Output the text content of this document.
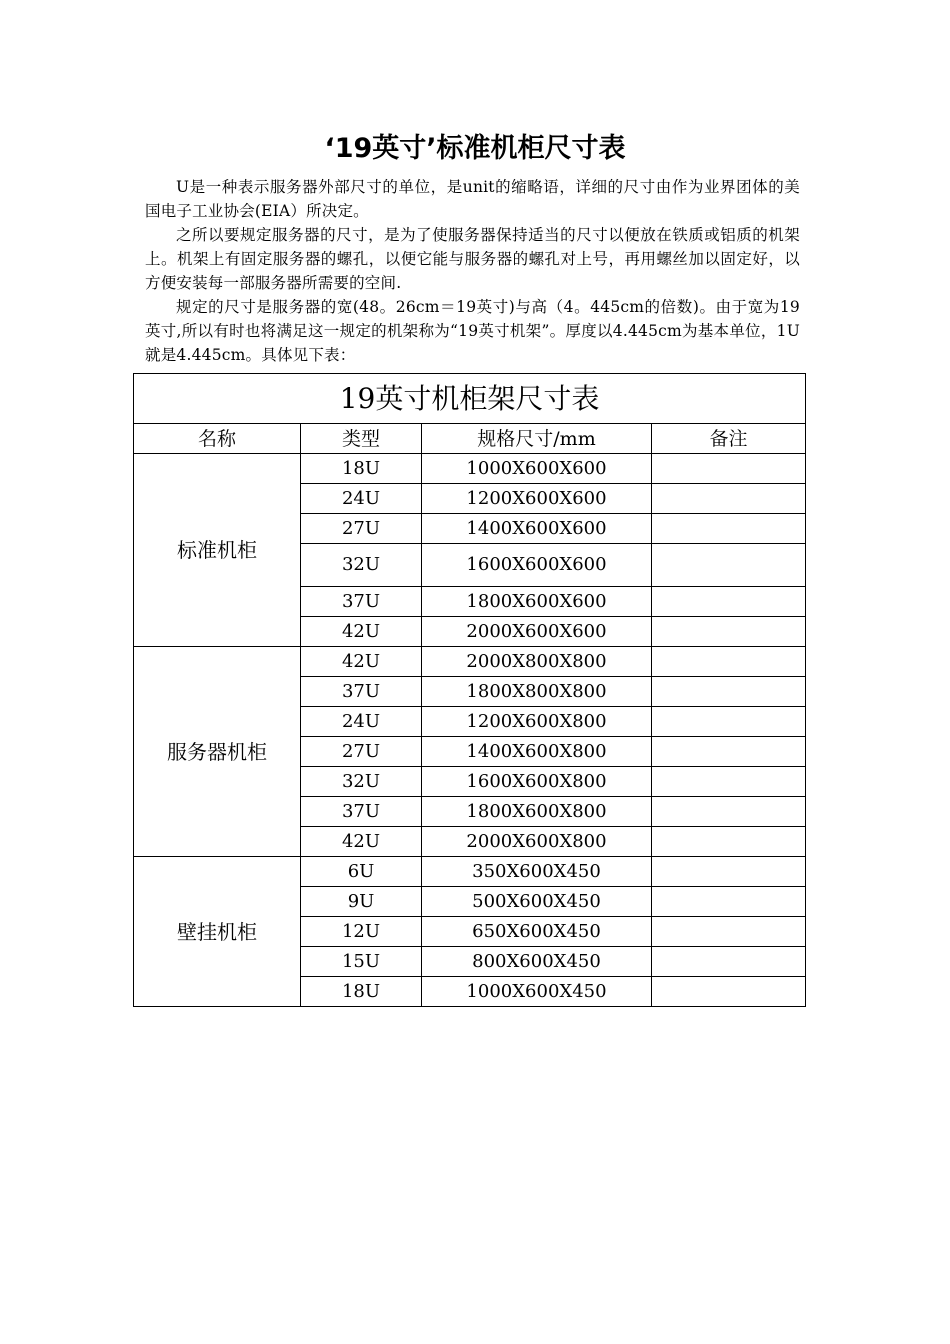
‘19英寸’标准机柜尺寸表

U是一种表示服务器外部尺寸的单位，是unit的缩略语，详细的尺寸由作为业界团体的美国电子工业协会(EIA）所决定。

之所以要规定服务器的尺寸，是为了使服务器保持适当的尺寸以便放在铁质或铝质的机架上。机架上有固定服务器的螺孔，以便它能与服务器的螺孔对上号，再用螺丝加以固定好，以方便安装每一部服务器所需要的空间.

规定的尺寸是服务器的宽(48。26cm＝19英寸)与高（4。445cm的倍数)。由于宽为19英寸,所以有时也将满足这一规定的机架称为“19英寸机架”。厚度以4.445cm为基本单位，1U就是4.445cm。具体见下表：

19英寸机柜架尺寸表			
名称	类型	规格尺寸/mm	备注
标准机柜	18U	1000X600X600	
	24U	1200X600X600	
	27U	1400X600X600	
	32U	1600X600X600	
	37U	1800X600X600	
	42U	2000X600X600	
服务器机柜	42U	2000X800X800	
	37U	1800X800X800	
	24U	1200X600X800	
	27U	1400X600X800	
	32U	1600X600X800	
	37U	1800X600X800	
	42U	2000X600X800	
壁挂机柜	6U	350X600X450	
	9U	500X600X450	
	12U	650X600X450	
	15U	800X600X450	
	18U	1000X600X450	
